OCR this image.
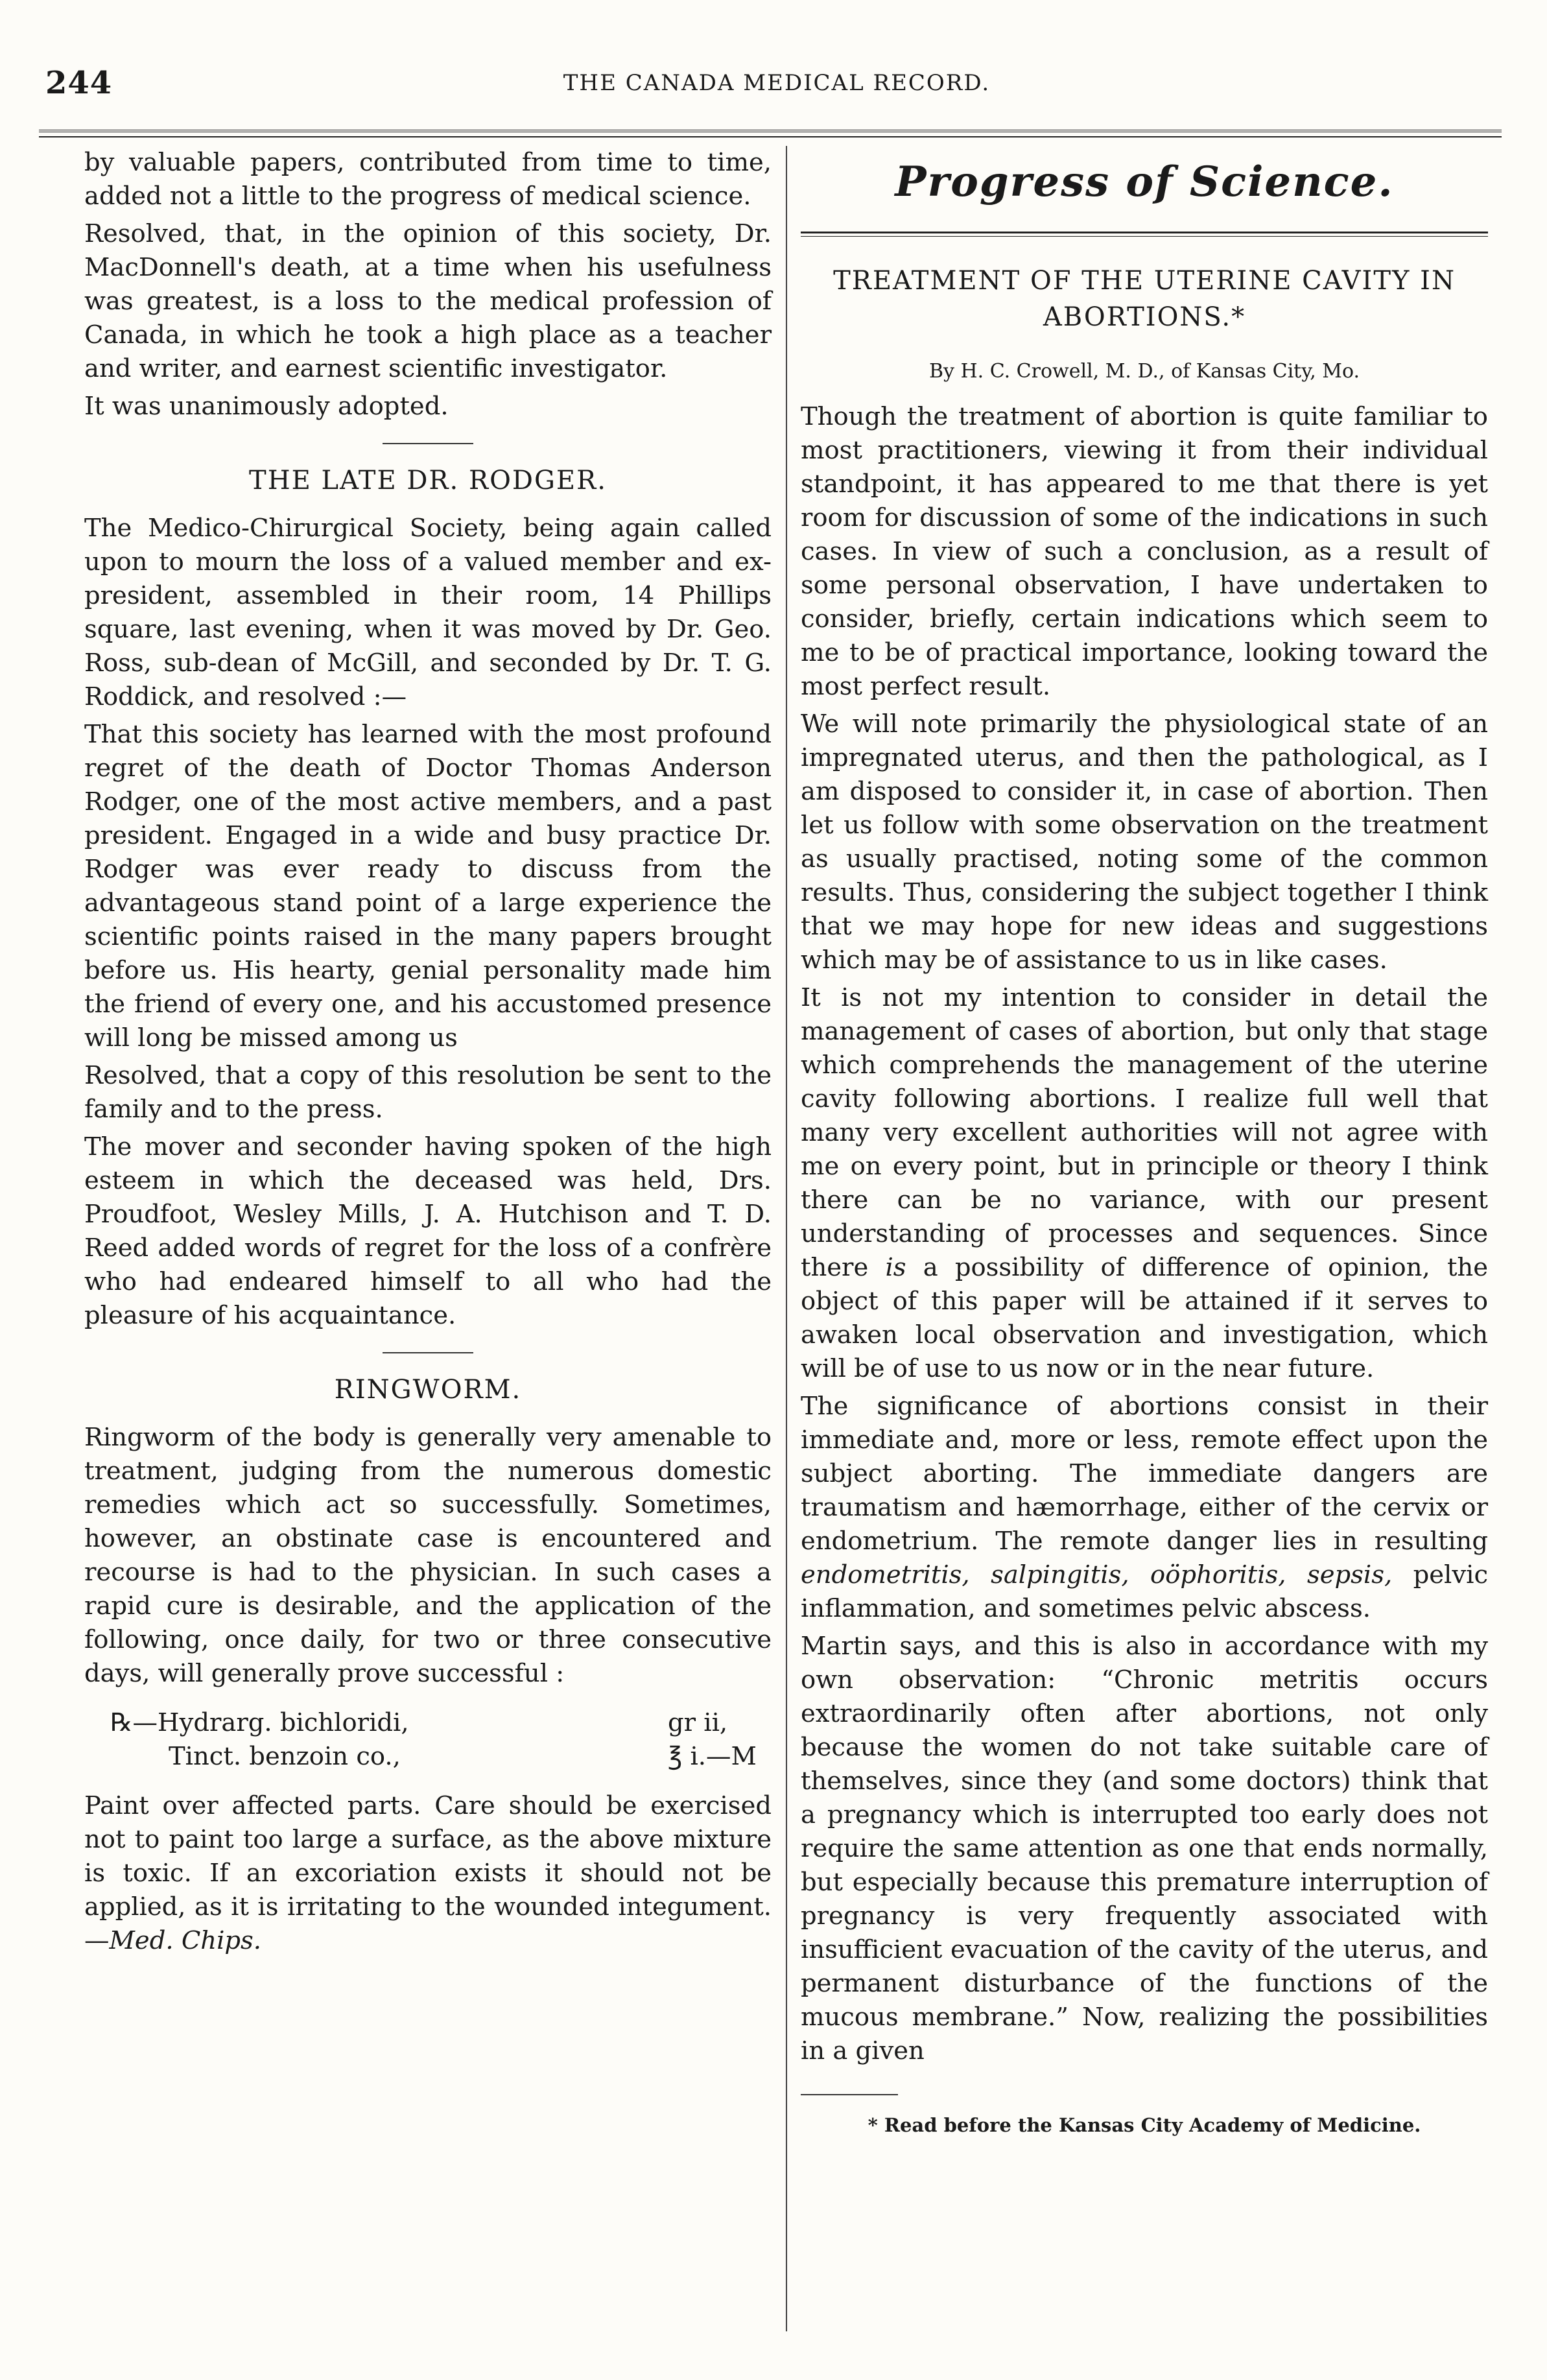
244	THE CANADA MEDICAL RECORD.

by valuable papers, contributed from time to time, added not a little to the progress of medical science.

Resolved, that, in the opinion of this society, Dr. MacDonnell's death, at a time when his usefulness was greatest, is a loss to the medical profession of Canada, in which he took a high place as a teacher and writer, and earnest scientific investigator.

It was unanimously adopted.

THE LATE DR. RODGER.

The Medico-Chirurgical Society, being again called upon to mourn the loss of a valued member and ex-president, assembled in their room, 14 Phillips square, last evening, when it was moved by Dr. Geo. Ross, sub-dean of McGill, and seconded by Dr. T. G. Roddick, and resolved :—

That this society has learned with the most profound regret of the death of Doctor Thomas Anderson Rodger, one of the most active members, and a past president. Engaged in a wide and busy practice Dr. Rodger was ever ready to discuss from the advantageous stand point of a large experience the scientific points raised in the many papers brought before us. His hearty, genial personality made him the friend of every one, and his accustomed presence will long be missed among us

Resolved, that a copy of this resolution be sent to the family and to the press.

The mover and seconder having spoken of the high esteem in which the deceased was held, Drs. Proudfoot, Wesley Mills, J. A. Hutchison and T. D. Reed added words of regret for the loss of a confrère who had endeared himself to all who had the pleasure of his acquaintance.

RINGWORM.

Ringworm of the body is generally very amenable to treatment, judging from the numerous domestic remedies which act so successfully. Sometimes, however, an obstinate case is encountered and recourse is had to the physician. In such cases a rapid cure is desirable, and the application of the following, once daily, for two or three consecutive days, will generally prove successful :

℞—Hydrarg. bichloridi,	gr ii,
Tinct. benzoin co.,	℥ i.—M

Paint over affected parts. Care should be exercised not to paint too large a surface, as the above mixture is toxic. If an excoriation exists it should not be applied, as it is irritating to the wounded integument.—Med. Chips.

Progress of Science.
TREATMENT OF THE UTERINE CAVITY IN ABORTIONS.*
By H. C. Crowell, M. D., of Kansas City, Mo.

Though the treatment of abortion is quite familiar to most practitioners, viewing it from their individual standpoint, it has appeared to me that there is yet room for discussion of some of the indications in such cases. In view of such a conclusion, as a result of some personal observation, I have undertaken to consider, briefly, certain indications which seem to me to be of practical importance, looking toward the most perfect result.

We will note primarily the physiological state of an impregnated uterus, and then the pathological, as I am disposed to consider it, in case of abortion. Then let us follow with some observation on the treatment as usually practised, noting some of the common results. Thus, considering the subject together I think that we may hope for new ideas and suggestions which may be of assistance to us in like cases.

It is not my intention to consider in detail the management of cases of abortion, but only that stage which comprehends the management of the uterine cavity following abortions. I realize full well that many very excellent authorities will not agree with me on every point, but in principle or theory I think there can be no variance, with our present understanding of processes and sequences. Since there is a possibility of difference of opinion, the object of this paper will be attained if it serves to awaken local observation and investigation, which will be of use to us now or in the near future.

The significance of abortions consist in their immediate and, more or less, remote effect upon the subject aborting. The immediate dangers are traumatism and hæmorrhage, either of the cervix or endometrium. The remote danger lies in resulting endometritis, salpingitis, oöphoritis, sepsis, pelvic inflammation, and sometimes pelvic abscess.

Martin says, and this is also in accordance with my own observation: “Chronic metritis occurs extraordinarily often after abortions, not only because the women do not take suitable care of themselves, since they (and some doctors) think that a pregnancy which is interrupted too early does not require the same attention as one that ends normally, but especially because this premature interruption of pregnancy is very frequently associated with insufficient evacuation of the cavity of the uterus, and permanent disturbance of the functions of the mucous membrane.” Now, realizing the possibilities in a given

* Read before the Kansas City Academy of Medicine.
